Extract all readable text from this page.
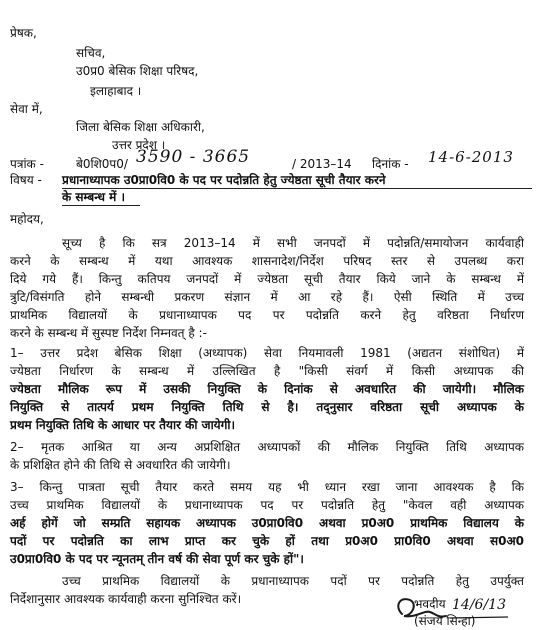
प्रेषक,
सचिव,
उ0प्र0 बेसिक शिक्षा परिषद,
इलाहाबाद ।
सेवा में,
जिला बेसिक शिक्षा अधिकारी,
उत्तर प्रदेश ।
पत्रांक -	बे0शि0प0/ 3590 - 3665	/ 2013–14 दिनांक - 14-6-2013
विषय - प्रधानाध्यापक उ0प्रा0वि0 के पद पर पदोन्नति हेतु ज्येष्ठता सूची तैयार करने
के सम्बन्ध में ।
महोदय,
सूच्य है कि सत्र 2013–14 में सभी जनपदों में पदोन्नति/समायोजन कार्यवाही
करने के सम्बन्ध में यथा आवश्यक शासनादेश/निर्देश परिषद स्तर से उपलब्ध करा
दिये गये हैं। किन्तु कतिपय जनपदों में ज्येष्ठता सूची तैयार किये जाने के सम्बन्ध में
त्रुटि/विसंगति होने सम्बन्धी प्रकरण संज्ञान में आ रहे हैं। ऐसी स्थिति में उच्च
प्राथमिक विद्यालयों के प्रधानाध्यापक पद पर पदोन्नति करने हेतु वरिष्ठता निर्धारण
करने के सम्बन्ध में सुस्पष्ट निर्देश निम्नवत् है :-
1– उत्तर प्रदेश बेसिक शिक्षा (अध्यापक) सेवा नियमावली 1981 (अद्यतन संशोधित) में
ज्येष्ठता निर्धारण के सम्बन्ध में उल्लिखित है "किसी संवर्ग में किसी अध्यापक की
ज्येष्ठता मौलिक रूप में उसकी नियुक्ति के दिनांक से अवधारित की जायेगी। मौलिक
नियुक्ति से तात्पर्य प्रथम नियुक्ति तिथि से है। तद्नुसार वरिष्ठता सूची अध्यापक के
प्रथम नियुक्ति तिथि के आधार पर तैयार की जायेगी।
2– मृतक आश्रित या अन्य अप्रशिक्षित अध्यापकों की मौलिक नियुक्ति तिथि अध्यापक
के प्रशिक्षित होने की तिथि से अवधारित की जायेगी।
3– किन्तु पात्रता सूची तैयार करते समय यह भी ध्यान रखा जाना आवश्यक है कि
उच्च प्राथमिक विद्यालयों के प्रधानाध्यापक पद पर पदोन्नति हेतु "केवल वही अध्यापक
अर्ह होगें जो सम्प्रति सहायक अध्यापक उ0प्रा0वि0 अथवा प्र0अ0 प्राथमिक विद्यालय के
पदों पर पदोन्नति का लाभ प्राप्त कर चुके हों तथा प्र0अ0 प्रा0वि0 अथवा स0अ0
उ0प्रा0वि0 के पद पर न्यूनतम् तीन वर्ष की सेवा पूर्ण कर चुके हों"।
उच्च प्राथमिक विद्यालयों के प्रधानाध्यापक पदों पर पदोन्नति हेतु उपर्युक्त
निर्देशानुसार आवश्यक कार्यवाही करना सुनिश्चित करें।	भवदीय 14/6/13
(संजय सिन्हा)
